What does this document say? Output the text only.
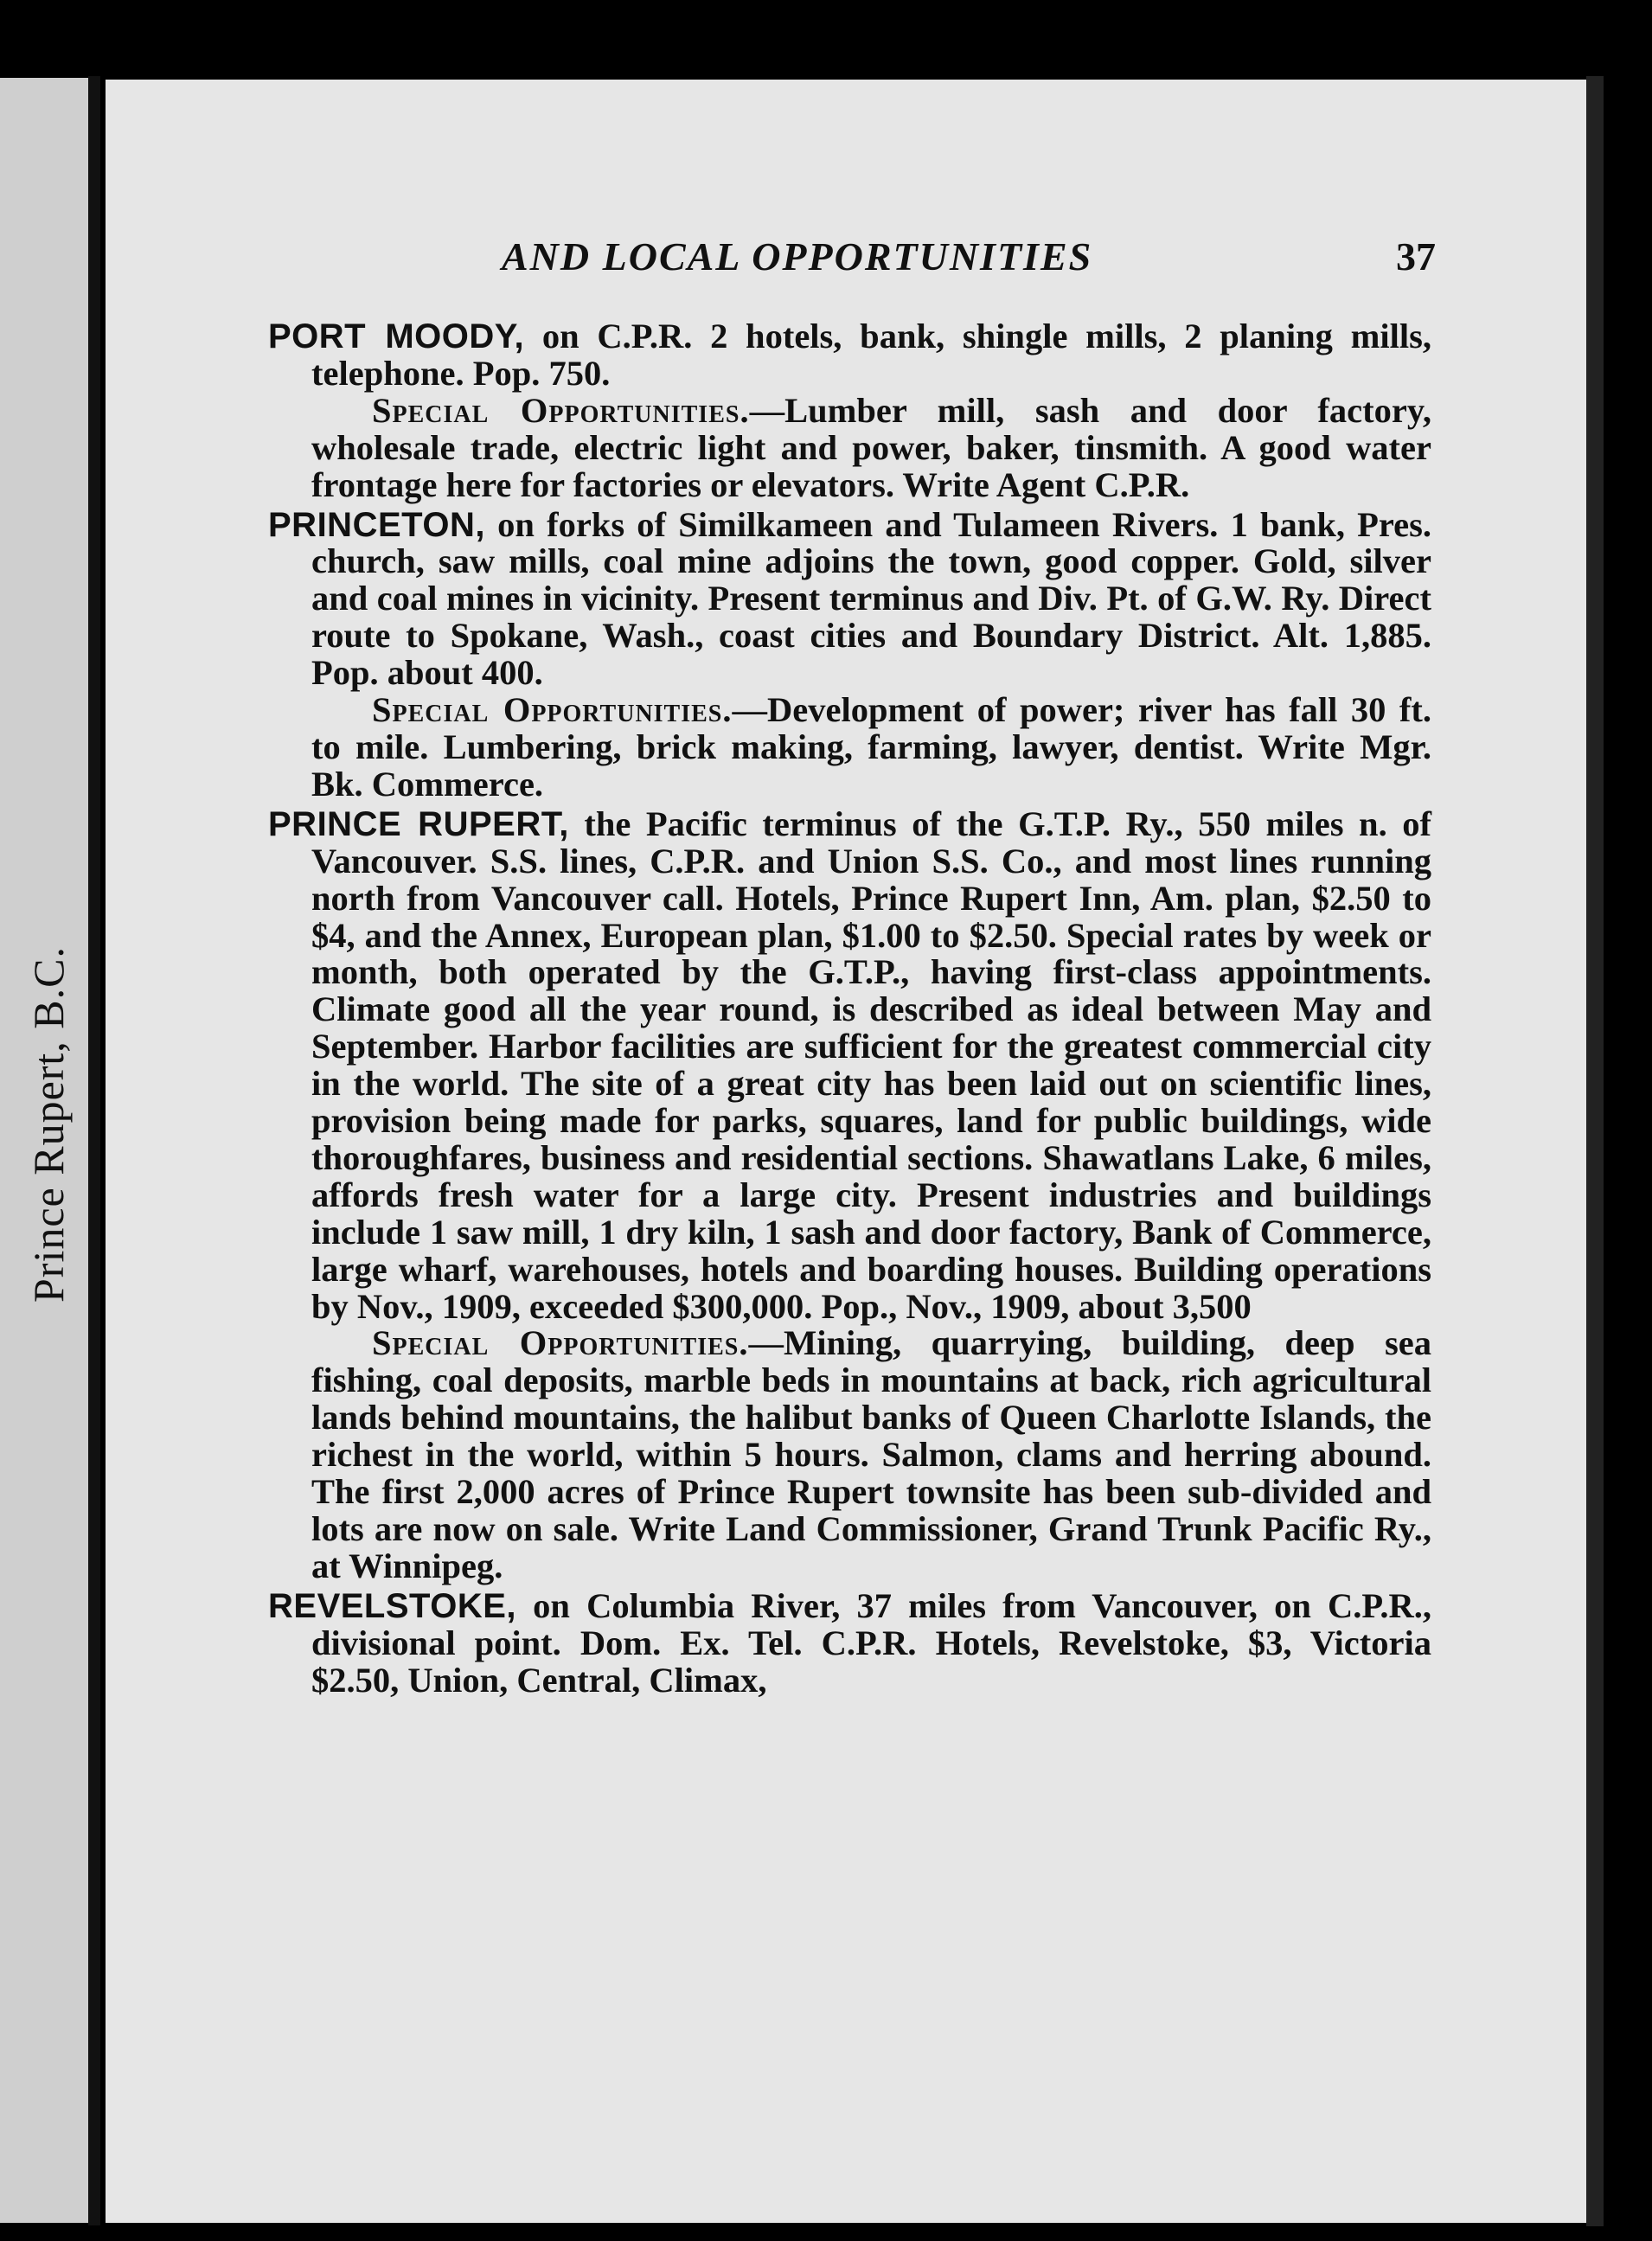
Prince Rupert, B.C.
AND LOCAL OPPORTUNITIES	37

PORT MOODY, on C.P.R. 2 hotels, bank, shingle mills, 2 planing mills, telephone. Pop. 750.

Special Opportunities.—Lumber mill, sash and door factory, wholesale trade, electric light and power, baker, tinsmith. A good water frontage here for factories or elevators. Write Agent C.P.R.

PRINCETON, on forks of Similkameen and Tulameen Rivers. 1 bank, Pres. church, saw mills, coal mine adjoins the town, good copper. Gold, silver and coal mines in vicinity. Present terminus and Div. Pt. of G.W. Ry. Direct route to Spokane, Wash., coast cities and Boundary District. Alt. 1,885. Pop. about 400.

Special Opportunities.—Development of power; river has fall 30 ft. to mile. Lumbering, brick making, farming, lawyer, dentist. Write Mgr. Bk. Commerce.

PRINCE RUPERT, the Pacific terminus of the G.T.P. Ry., 550 miles n. of Vancouver. S.S. lines, C.P.R. and Union S.S. Co., and most lines running north from Vancouver call. Hotels, Prince Rupert Inn, Am. plan, $2.50 to $4, and the Annex, European plan, $1.00 to $2.50. Special rates by week or month, both operated by the G.T.P., having first-class appointments. Climate good all the year round, is described as ideal between May and September. Harbor facilities are sufficient for the greatest commercial city in the world. The site of a great city has been laid out on scientific lines, provision being made for parks, squares, land for public buildings, wide thoroughfares, business and residential sections. Shawatlans Lake, 6 miles, affords fresh water for a large city. Present industries and buildings include 1 saw mill, 1 dry kiln, 1 sash and door factory, Bank of Commerce, large wharf, warehouses, hotels and boarding houses. Building operations by Nov., 1909, exceeded $300,000. Pop., Nov., 1909, about 3,500

Special Opportunities.—Mining, quarrying, building, deep sea fishing, coal deposits, marble beds in mountains at back, rich agricultural lands behind mountains, the halibut banks of Queen Charlotte Islands, the richest in the world, within 5 hours. Salmon, clams and herring abound. The first 2,000 acres of Prince Rupert townsite has been sub-divided and lots are now on sale. Write Land Commissioner, Grand Trunk Pacific Ry., at Winnipeg.

REVELSTOKE, on Columbia River, 37 miles from Vancouver, on C.P.R., divisional point. Dom. Ex. Tel. C.P.R. Hotels, Revelstoke, $3, Victoria $2.50, Union, Central, Climax,
